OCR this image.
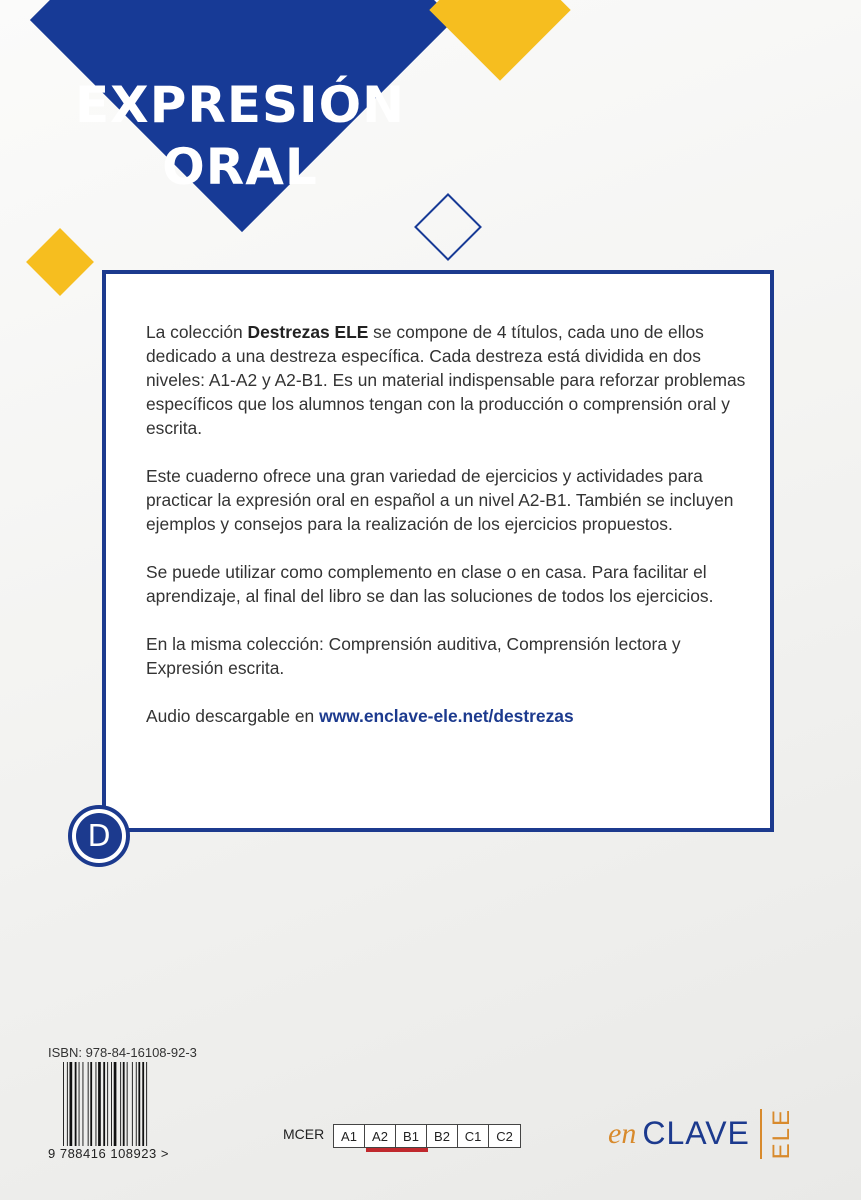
EXPRESIÓN
ORAL

La colección Destrezas ELE se compone de 4 títulos, cada uno de ellos dedicado a una destreza específica. Cada destreza está dividida en dos niveles: A1-A2 y A2-B1. Es un material indispensable para reforzar problemas específicos que los alumnos tengan con la producción o comprensión oral y escrita.

Este cuaderno ofrece una gran variedad de ejercicios y actividades para practicar la expresión oral en español a un nivel A2-B1. También se incluyen ejemplos y consejos para la realización de los ejercicios propuestos.

Se puede utilizar como complemento en clase o en casa. Para facilitar el aprendizaje, al final del libro se dan las soluciones de todos los ejercicios.

En la misma colección: Comprensión auditiva, Comprensión lectora y Expresión escrita.

Audio descargable en www.enclave-ele.net/destrezas

D
ISBN: 978-84-16108-92-3
9 788416 108923 >
MCER	A1	A2	B1	B2	C1	C2	en CLAVE ELE
